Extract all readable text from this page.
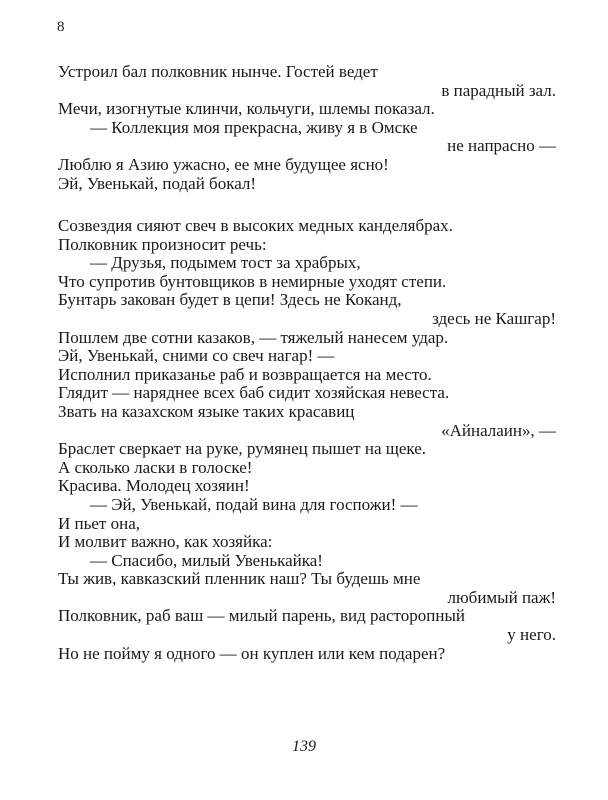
8
Устроил бал полковник нынче. Гостей ведет
в парадный зал.
Мечи, изогнутые клинчи, кольчуги, шлемы показал.
— Коллекция моя прекрасна, живу я в Омске
не напрасно —
Люблю я Азию ужасно, ее мне будущее ясно!
Эй, Увенькай, подай бокал!
Созвездия сияют свеч в высоких медных канделябрах.
Полковник произносит речь:
— Друзья, подымем тост за храбрых,
Что супротив бунтовщиков в немирные уходят степи.
Бунтарь закован будет в цепи! Здесь не Коканд,
здесь не Кашгар!
Пошлем две сотни казаков, — тяжелый нанесем удар.
Эй, Увенькай, сними со свеч нагар! —
Исполнил приказанье раб и возвращается на место.
Глядит — наряднее всех баб сидит хозяйская невеста.
Звать на казахском языке таких красавиц
«Айналаин», —
Браслет сверкает на руке, румянец пышет на щеке.
А сколько ласки в голоске!
Красива. Молодец хозяин!
— Эй, Увенькай, подай вина для госпожи! —
И пьет она,
И молвит важно, как хозяйка:
— Спасибо, милый Увенькайка!
Ты жив, кавказский пленник наш? Ты будешь мне
любимый паж!
Полковник, раб ваш — милый парень, вид расторопный
у него.
Но не пойму я одного — он куплен или кем подарен?
139
